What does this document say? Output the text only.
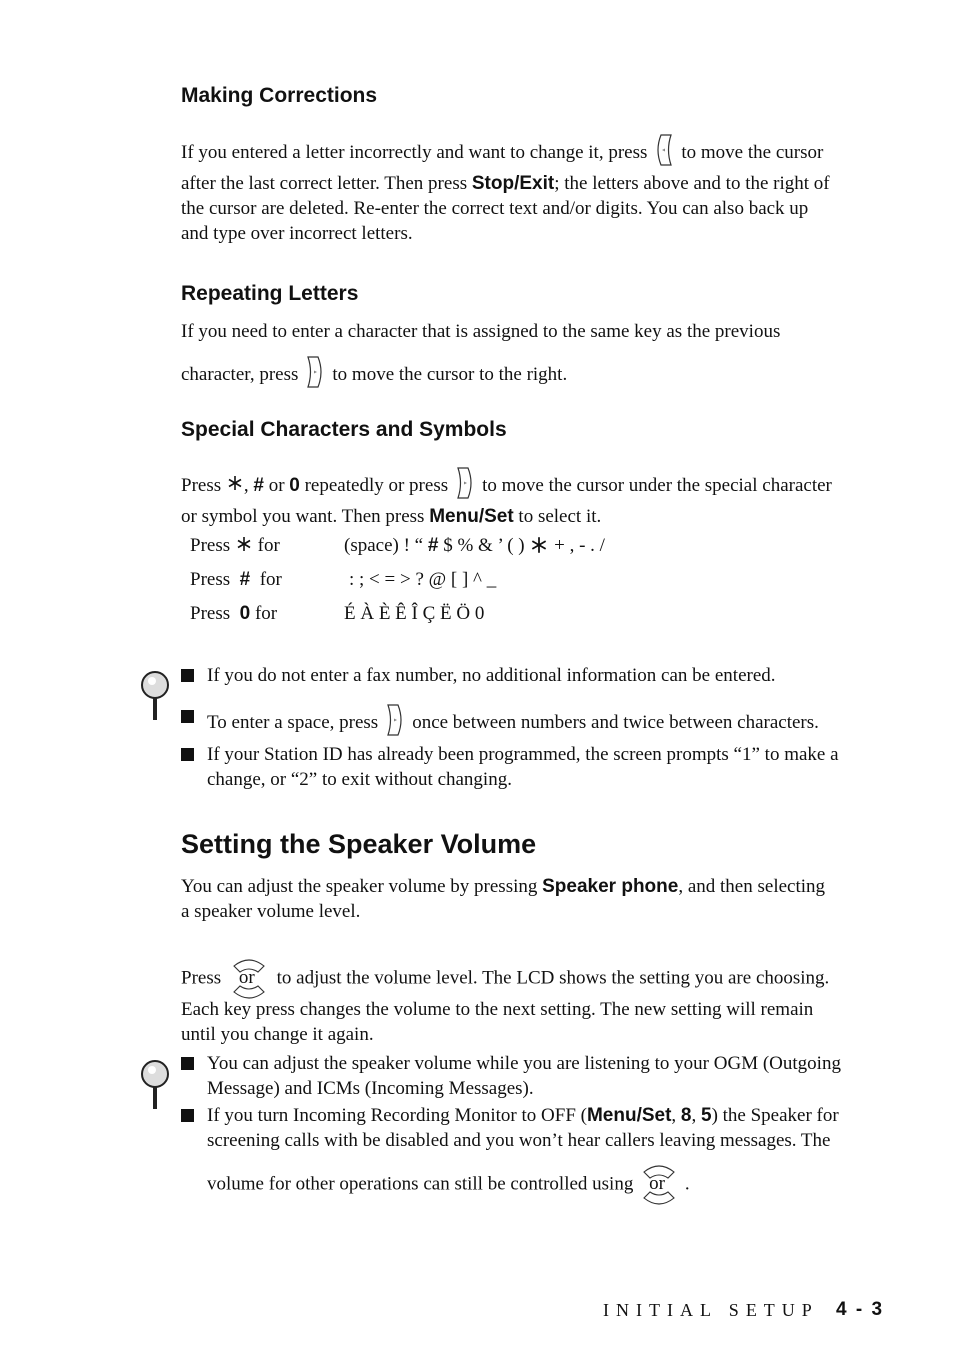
Making Corrections
If you entered a letter incorrectly and want to change it, press to move the cursor
after the last correct letter. Then press Stop/Exit; the letters above and to the right of
the cursor are deleted. Re-enter the correct text and/or digits. You can also back up
and type over incorrect letters.
Repeating Letters
If you need to enter a character that is assigned to the same key as the previous
character, press to move the cursor to the right.
Special Characters and Symbols
Press , # or 0 repeatedly or press to move the cursor under the special character
or symbol you want. Then press Menu/Set to select it.
Press for	(space) ! “ # $ % & ’ ( ) + , - . /
Press # for	: ; < = > ? @ [ ] ^ _
Press 0 for	É À È Ê Î Ç Ë Ö 0
If you do not enter a fax number, no additional information can be entered.
To enter a space, press once between numbers and twice between characters.
If your Station ID has already been programmed, the screen prompts “1” to make a change, or “2” to exit without changing.
Setting the Speaker Volume
You can adjust the speaker volume by pressing Speaker phone, and then selecting
a speaker volume level.
Press or to adjust the volume level. The LCD shows the setting you are choosing.
Each key press changes the volume to the next setting. The new setting will remain
until you change it again.
You can adjust the speaker volume while you are listening to your OGM (Outgoing
Message) and ICMs (Incoming Messages).
If you turn Incoming Recording Monitor to OFF (Menu/Set, 8, 5) the Speaker for
screening calls with be disabled and you won’t hear callers leaving messages. The
volume for other operations can still be controlled using or .
INITIAL SETUP 4 - 3
